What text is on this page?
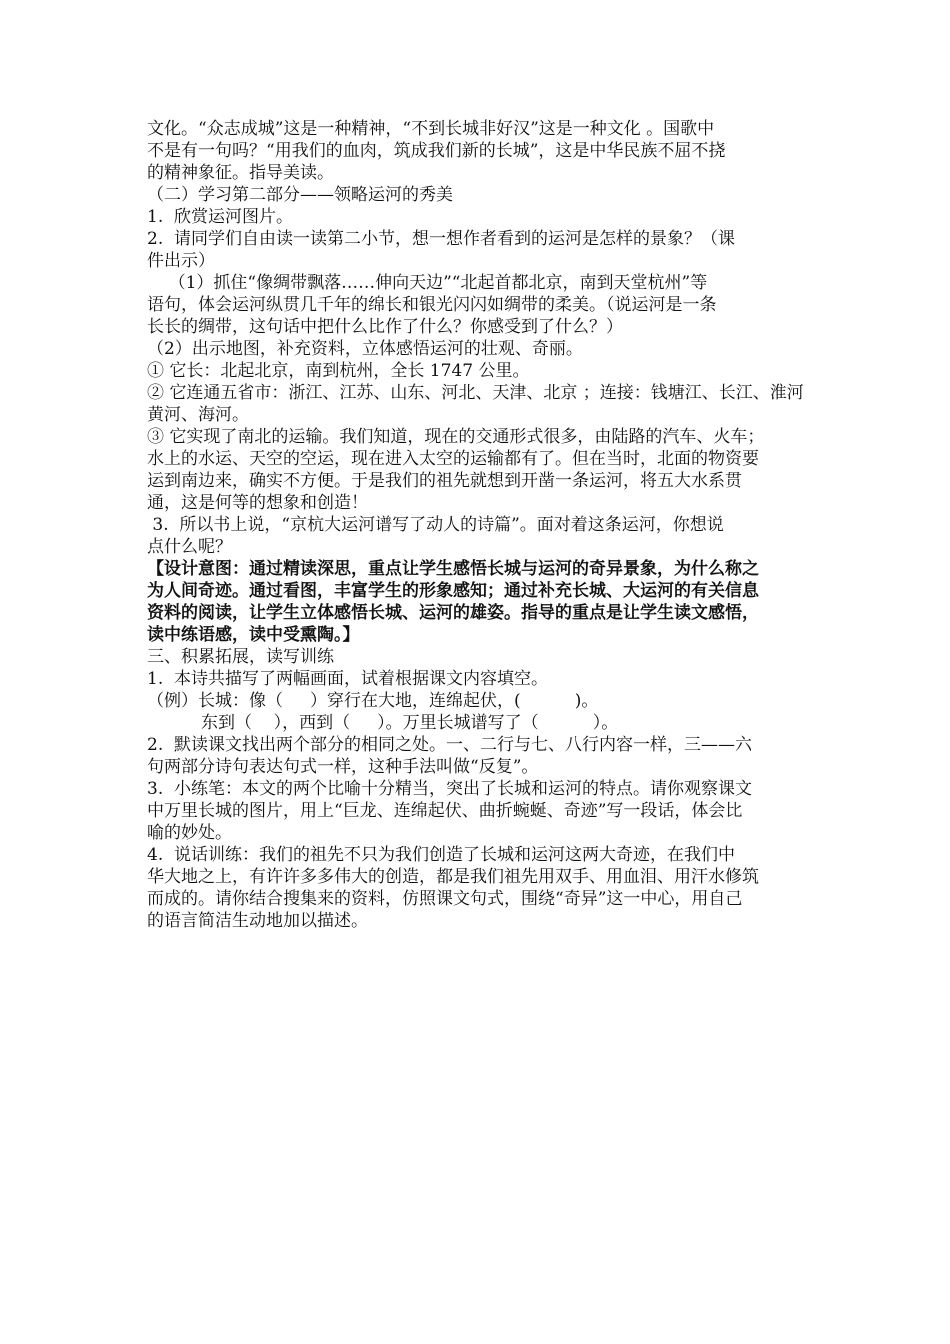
文化。“众志成城”这是一种精神，“不到长城非好汉”这是一种文化 。国歌中
不是有一句吗？“用我们的血肉，筑成我们新的长城”，这是中华民族不屈不挠
的精神象征。指导美读。
（二）学习第二部分——领略运河的秀美
1.  欣赏运河图片。
2.  请同学们自由读一读第二小节，想一想作者看到的运河是怎样的景象？（课
件出示）
（1）抓住“像绸带飘落……伸向天边”“北起首都北京，南到天堂杭州”等
语句，体会运河纵贯几千年的绵长和银光闪闪如绸带的柔美。（说运河是一条
长长的绸带，这句话中把什么比作了什么？你感受到了什么？）
（2）出示地图，补充资料，立体感悟运河的壮观、奇丽。
① 它长：北起北京，南到杭州，全长 1747 公里。
② 它连通五省市：浙江、江苏、山东、河北、天津、北京 ；连接：钱塘江、长江、淮河
黄河、海河。
③ 它实现了南北的运输。我们知道，现在的交通形式很多，由陆路的汽车、火车；
水上的水运、天空的空运，现在进入太空的运输都有了。但在当时，北面的物资要
运到南边来，确实不方便。于是我们的祖先就想到开凿一条运河，将五大水系贯
通，这是何等的想象和创造！
3.  所以书上说，“京杭大运河谱写了动人的诗篇”。面对着这条运河，你想说
点什么呢？
【设计意图：通过精读深思，重点让学生感悟长城与运河的奇异景象，为什么称之
为人间奇迹。通过看图，丰富学生的形象感知；通过补充长城、大运河的有关信息
资料的阅读，让学生立体感悟长城、运河的雄姿。指导的重点是让学生读文感悟，
读中练语感，读中受熏陶。】
三、积累拓展，读写训练
1.  本诗共描写了两幅画面，试着根据课文内容填空。
（例）长城：像（     ）穿行在大地，连绵起伏，(          )。
东到（    ），西到（     ）。万里长城谱写了（          ）。
2.  默读课文找出两个部分的相同之处。一、二行与七、八行内容一样，三——六
句两部分诗句表达句式一样，这种手法叫做“反复”。
3.  小练笔：本文的两个比喻十分精当，突出了长城和运河的特点。请你观察课文
中万里长城的图片，用上“巨龙、连绵起伏、曲折蜿蜒、奇迹”写一段话，体会比
喻的妙处。
4.  说话训练：我们的祖先不只为我们创造了长城和运河这两大奇迹，在我们中
华大地之上，有许许多多伟大的创造，都是我们祖先用双手、用血泪、用汗水修筑
而成的。请你结合搜集来的资料，仿照课文句式，围绕“奇异”这一中心，用自己
的语言简洁生动地加以描述。
